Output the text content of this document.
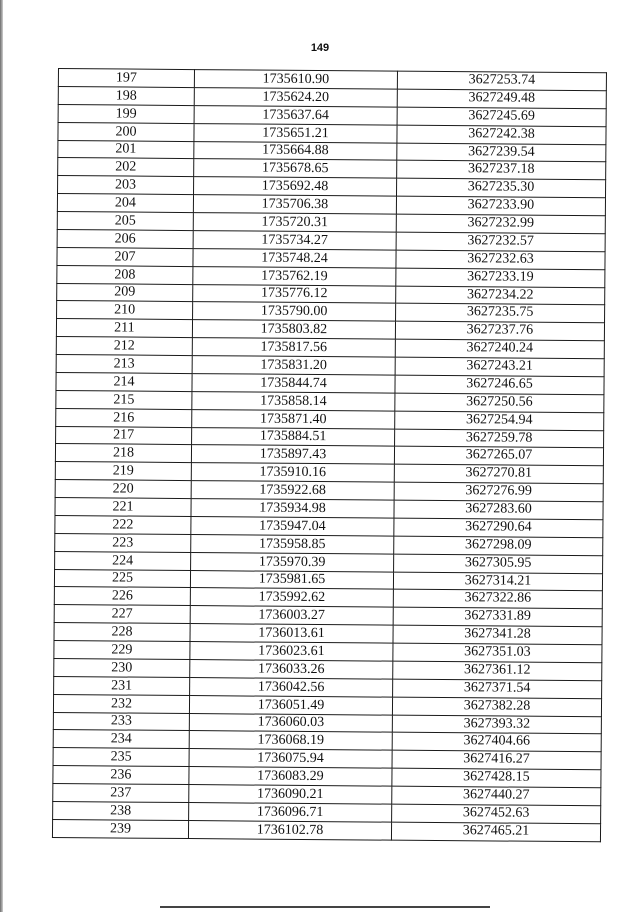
149
197	1735610.90	3627253.74
198	1735624.20	3627249.48
199	1735637.64	3627245.69
200	1735651.21	3627242.38
201	1735664.88	3627239.54
202	1735678.65	3627237.18
203	1735692.48	3627235.30
204	1735706.38	3627233.90
205	1735720.31	3627232.99
206	1735734.27	3627232.57
207	1735748.24	3627232.63
208	1735762.19	3627233.19
209	1735776.12	3627234.22
210	1735790.00	3627235.75
211	1735803.82	3627237.76
212	1735817.56	3627240.24
213	1735831.20	3627243.21
214	1735844.74	3627246.65
215	1735858.14	3627250.56
216	1735871.40	3627254.94
217	1735884.51	3627259.78
218	1735897.43	3627265.07
219	1735910.16	3627270.81
220	1735922.68	3627276.99
221	1735934.98	3627283.60
222	1735947.04	3627290.64
223	1735958.85	3627298.09
224	1735970.39	3627305.95
225	1735981.65	3627314.21
226	1735992.62	3627322.86
227	1736003.27	3627331.89
228	1736013.61	3627341.28
229	1736023.61	3627351.03
230	1736033.26	3627361.12
231	1736042.56	3627371.54
232	1736051.49	3627382.28
233	1736060.03	3627393.32
234	1736068.19	3627404.66
235	1736075.94	3627416.27
236	1736083.29	3627428.15
237	1736090.21	3627440.27
238	1736096.71	3627452.63
239	1736102.78	3627465.21
